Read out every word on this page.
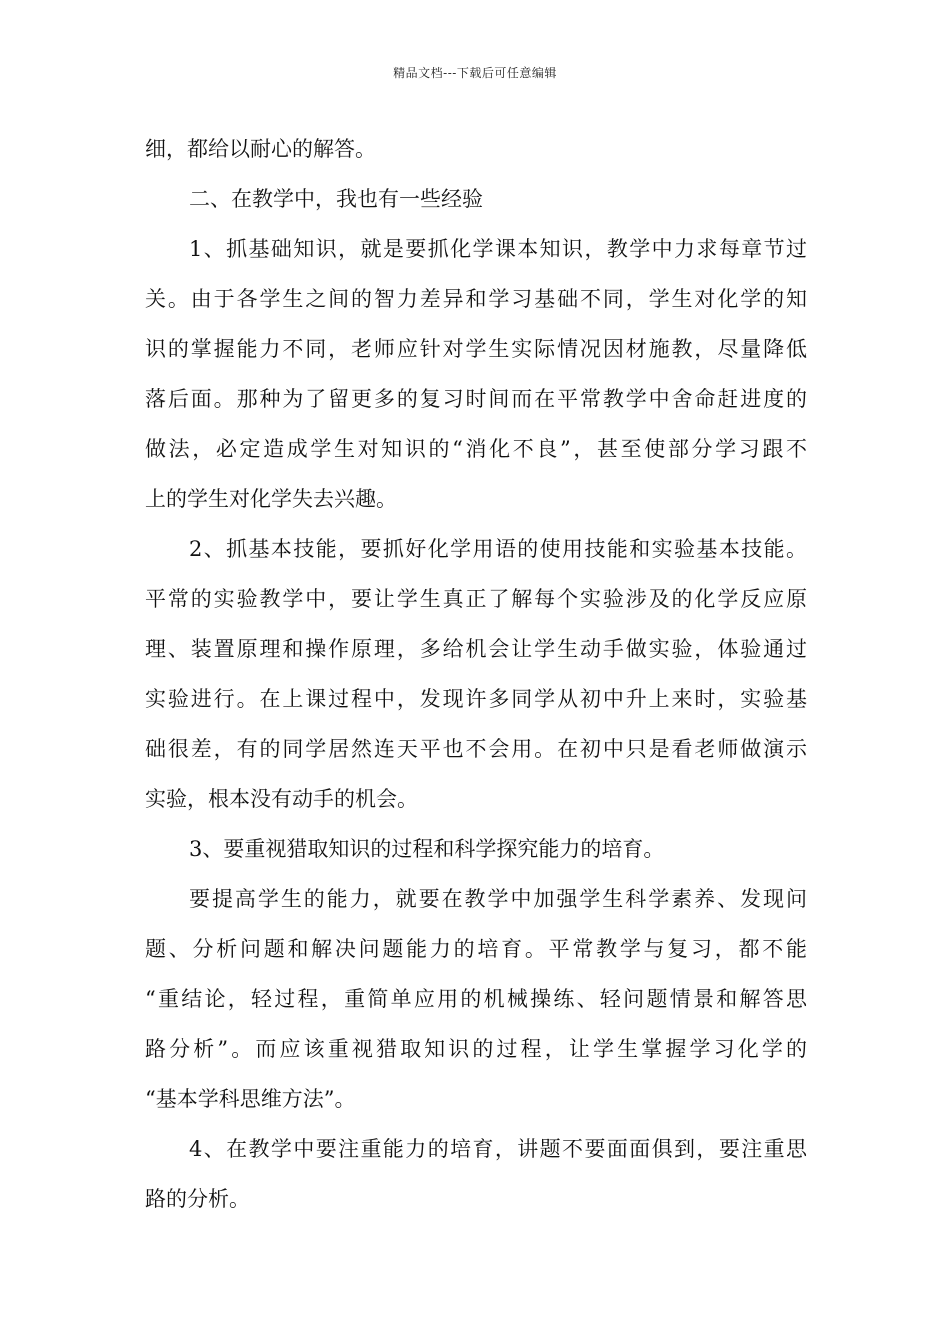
精品文档---下载后可任意编辑

细，都给以耐心的解答。

二、在教学中，我也有一些经验

1、抓基础知识，就是要抓化学课本知识，教学中力求每章节过

关。由于各学生之间的智力差异和学习基础不同，学生对化学的知

识的掌握能力不同，老师应针对学生实际情况因材施教，尽量降低

落后面。那种为了留更多的复习时间而在平常教学中舍命赶进度的

做法，必定造成学生对知识的“消化不良”，甚至使部分学习跟不

上的学生对化学失去兴趣。

2、抓基本技能，要抓好化学用语的使用技能和实验基本技能。

平常的实验教学中，要让学生真正了解每个实验涉及的化学反应原

理、装置原理和操作原理，多给机会让学生动手做实验，体验通过

实验进行。在上课过程中，发现许多同学从初中升上来时，实验基

础很差，有的同学居然连天平也不会用。在初中只是看老师做演示

实验，根本没有动手的机会。

3、要重视猎取知识的过程和科学探究能力的培育。

要提高学生的能力，就要在教学中加强学生科学素养、发现问

题、分析问题和解决问题能力的培育。平常教学与复习，都不能

“重结论，轻过程，重简单应用的机械操练、轻问题情景和解答思

路分析”。而应该重视猎取知识的过程，让学生掌握学习化学的

“基本学科思维方法”。

4、在教学中要注重能力的培育，讲题不要面面俱到，要注重思

路的分析。
